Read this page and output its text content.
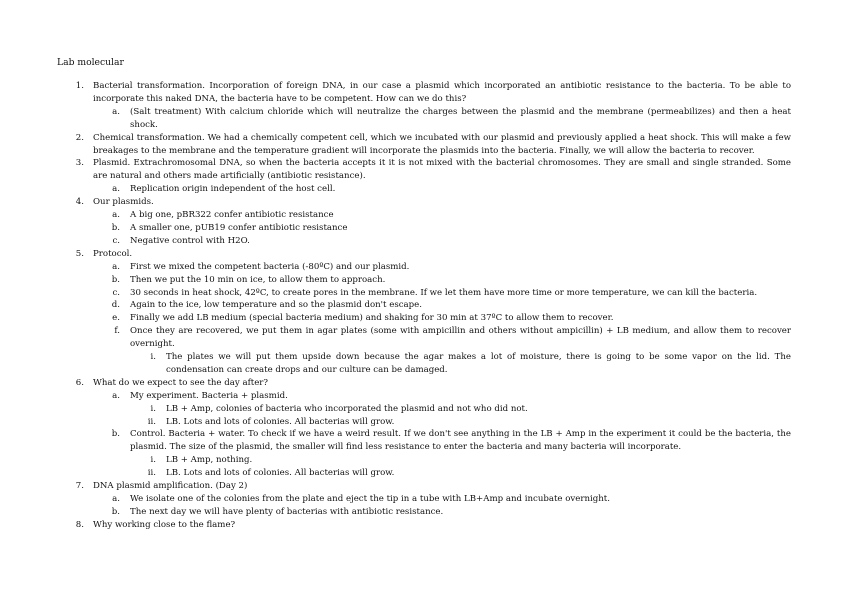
Lab molecular
1. Bacterial transformation. Incorporation of foreign DNA, in our case a plasmid which incorporated an antibiotic resistance to the bacteria. To be able to incorporate this naked DNA, the bacteria have to be competent. How can we do this?
a. (Salt treatment) With calcium chloride which will neutralize the charges between the plasmid and the membrane (permeabilizes) and then a heat shock.
2. Chemical transformation. We had a chemically competent cell, which we incubated with our plasmid and previously applied a heat shock. This will make a few breakages to the membrane and the temperature gradient will incorporate the plasmids into the bacteria. Finally, we will allow the bacteria to recover.
3. Plasmid. Extrachromosomal DNA, so when the bacteria accepts it it is not mixed with the bacterial chromosomes. They are small and single stranded. Some are natural and others made artificially (antibiotic resistance).
a. Replication origin independent of the host cell.
4. Our plasmids.
a. A big one, pBR322 confer antibiotic resistance
b. A smaller one, pUB19 confer antibiotic resistance
c. Negative control with H2O.
5. Protocol.
a. First we mixed the competent bacteria (-80ºC) and our plasmid.
b. Then we put the 10 min on ice, to allow them to approach.
c. 30 seconds in heat shock, 42ºC, to create pores in the membrane. If we let them have more time or more temperature, we can kill the bacteria.
d. Again to the ice, low temperature and so the plasmid don't escape.
e. Finally we add LB medium (special bacteria medium) and shaking for 30 min at 37ºC to allow them to recover.
f. Once they are recovered, we put them in agar plates (some with ampicillin and others without ampicillin) + LB medium, and allow them to recover overnight.
i. The plates we will put them upside down because the agar makes a lot of moisture, there is going to be some vapor on the lid. The condensation can create drops and our culture can be damaged.
6. What do we expect to see the day after?
a. My experiment. Bacteria + plasmid.
i. LB + Amp, colonies of bacteria who incorporated the plasmid and not who did not.
ii. LB. Lots and lots of colonies. All bacterias will grow.
b. Control. Bacteria + water. To check if we have a weird result. If we don't see anything in the LB + Amp in the experiment it could be the bacteria, the plasmid. The size of the plasmid, the smaller will find less resistance to enter the bacteria and many bacteria will incorporate.
i. LB + Amp, nothing.
ii. LB. Lots and lots of colonies. All bacterias will grow.
7. DNA plasmid amplification. (Day 2)
a. We isolate one of the colonies from the plate and eject the tip in a tube with LB+Amp and incubate overnight.
b. The next day we will have plenty of bacterias with antibiotic resistance.
8. Why working close to the flame?
